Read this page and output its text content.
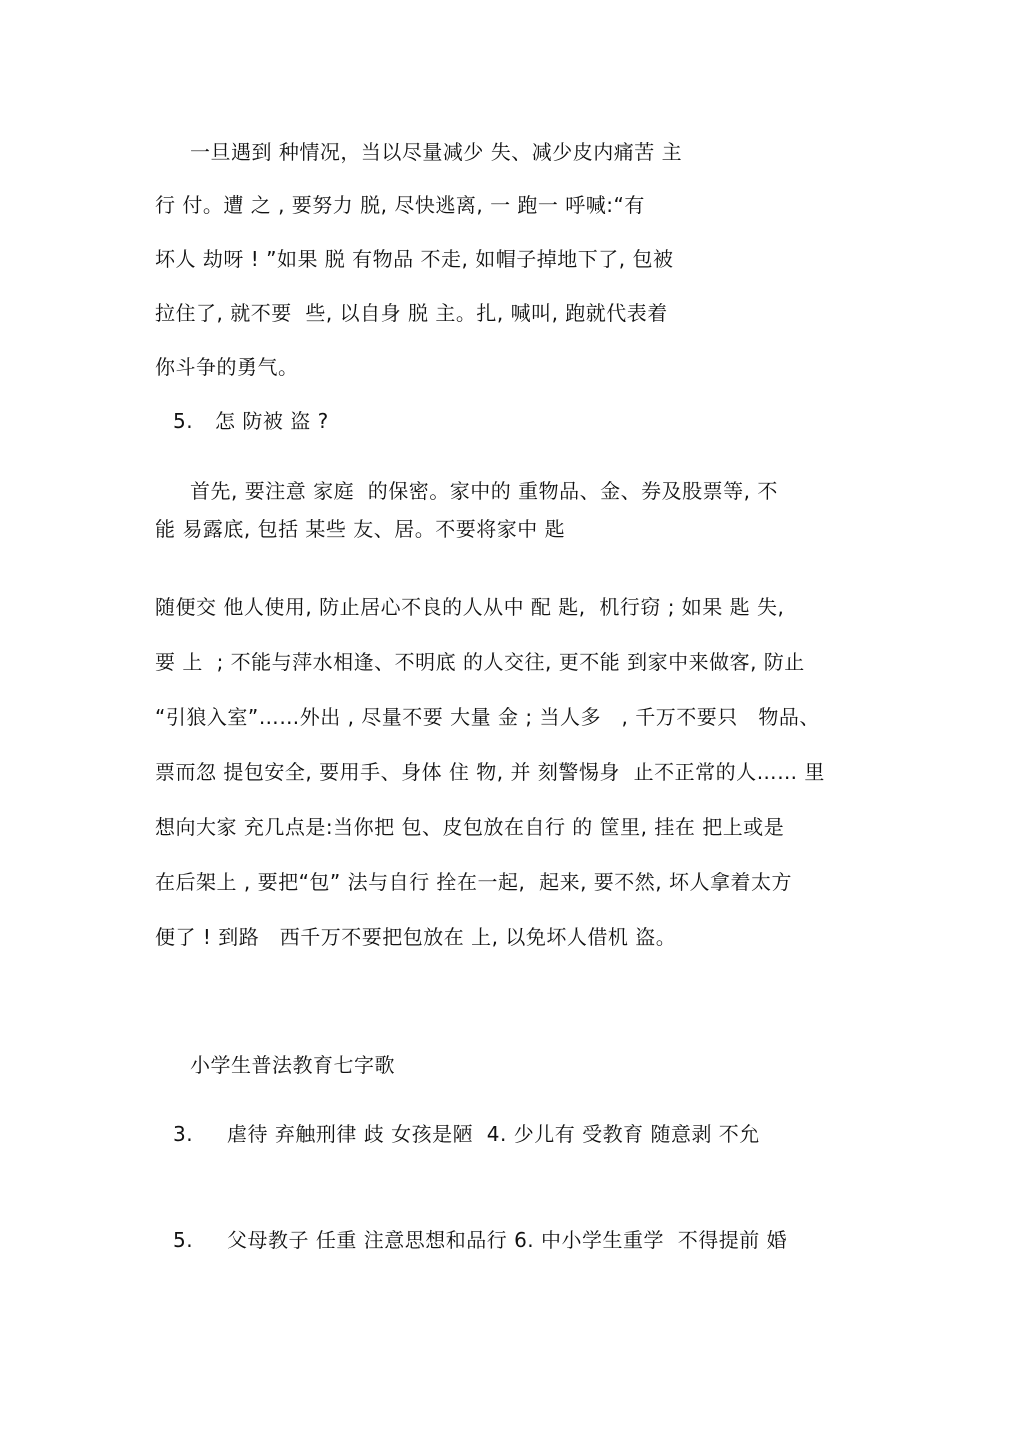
一旦遇到 种情况，当以尽量减少 失、减少皮内痛苦 主
行 付。遭 之 , 要努力 脱, 尽快逃离, 一 跑一 呼喊:“有
坏人 劫呀 ! ”如果 脱 有物品 不走, 如帽子掉地下了, 包被
拉住了, 就不要  些, 以自身 脱 主。扎, 喊叫, 跑就代表着
你斗争的勇气。
5. 怎 防被 盗 ?
首先, 要注意 家庭  的保密。家中的 重物品、金、券及股票等, 不
能 易露底, 包括 某些 友、居。不要将家中 匙
随便交 他人使用, 防止居心不良的人从中 配 匙,  机行窃 ; 如果 匙 失,
要 上  ; 不能与萍水相逢、不明底 的人交往, 更不能 到家中来做客, 防止
“引狼入室”……外出 , 尽量不要 大量 金 ; 当人多   , 千万不要只   物品、
票而忽 提包安全, 要用手、身体 住 物, 并 刻警惕身  止不正常的人…… 里
想向大家 充几点是:当你把 包、皮包放在自行 的 筐里, 挂在 把上或是
在后架上 , 要把“包” 法与自行 拴在一起,  起来, 要不然, 坏人拿着太方
便了 ! 到路   西千万不要把包放在 上, 以免坏人借机 盗。
小学生普法教育七字歌
3. 虐待 弃触刑律 歧 女孩是陋  4. 少儿有 受教育 随意剥 不允
5. 父母教子 任重 注意思想和品行 6. 中小学生重学  不得提前 婚
